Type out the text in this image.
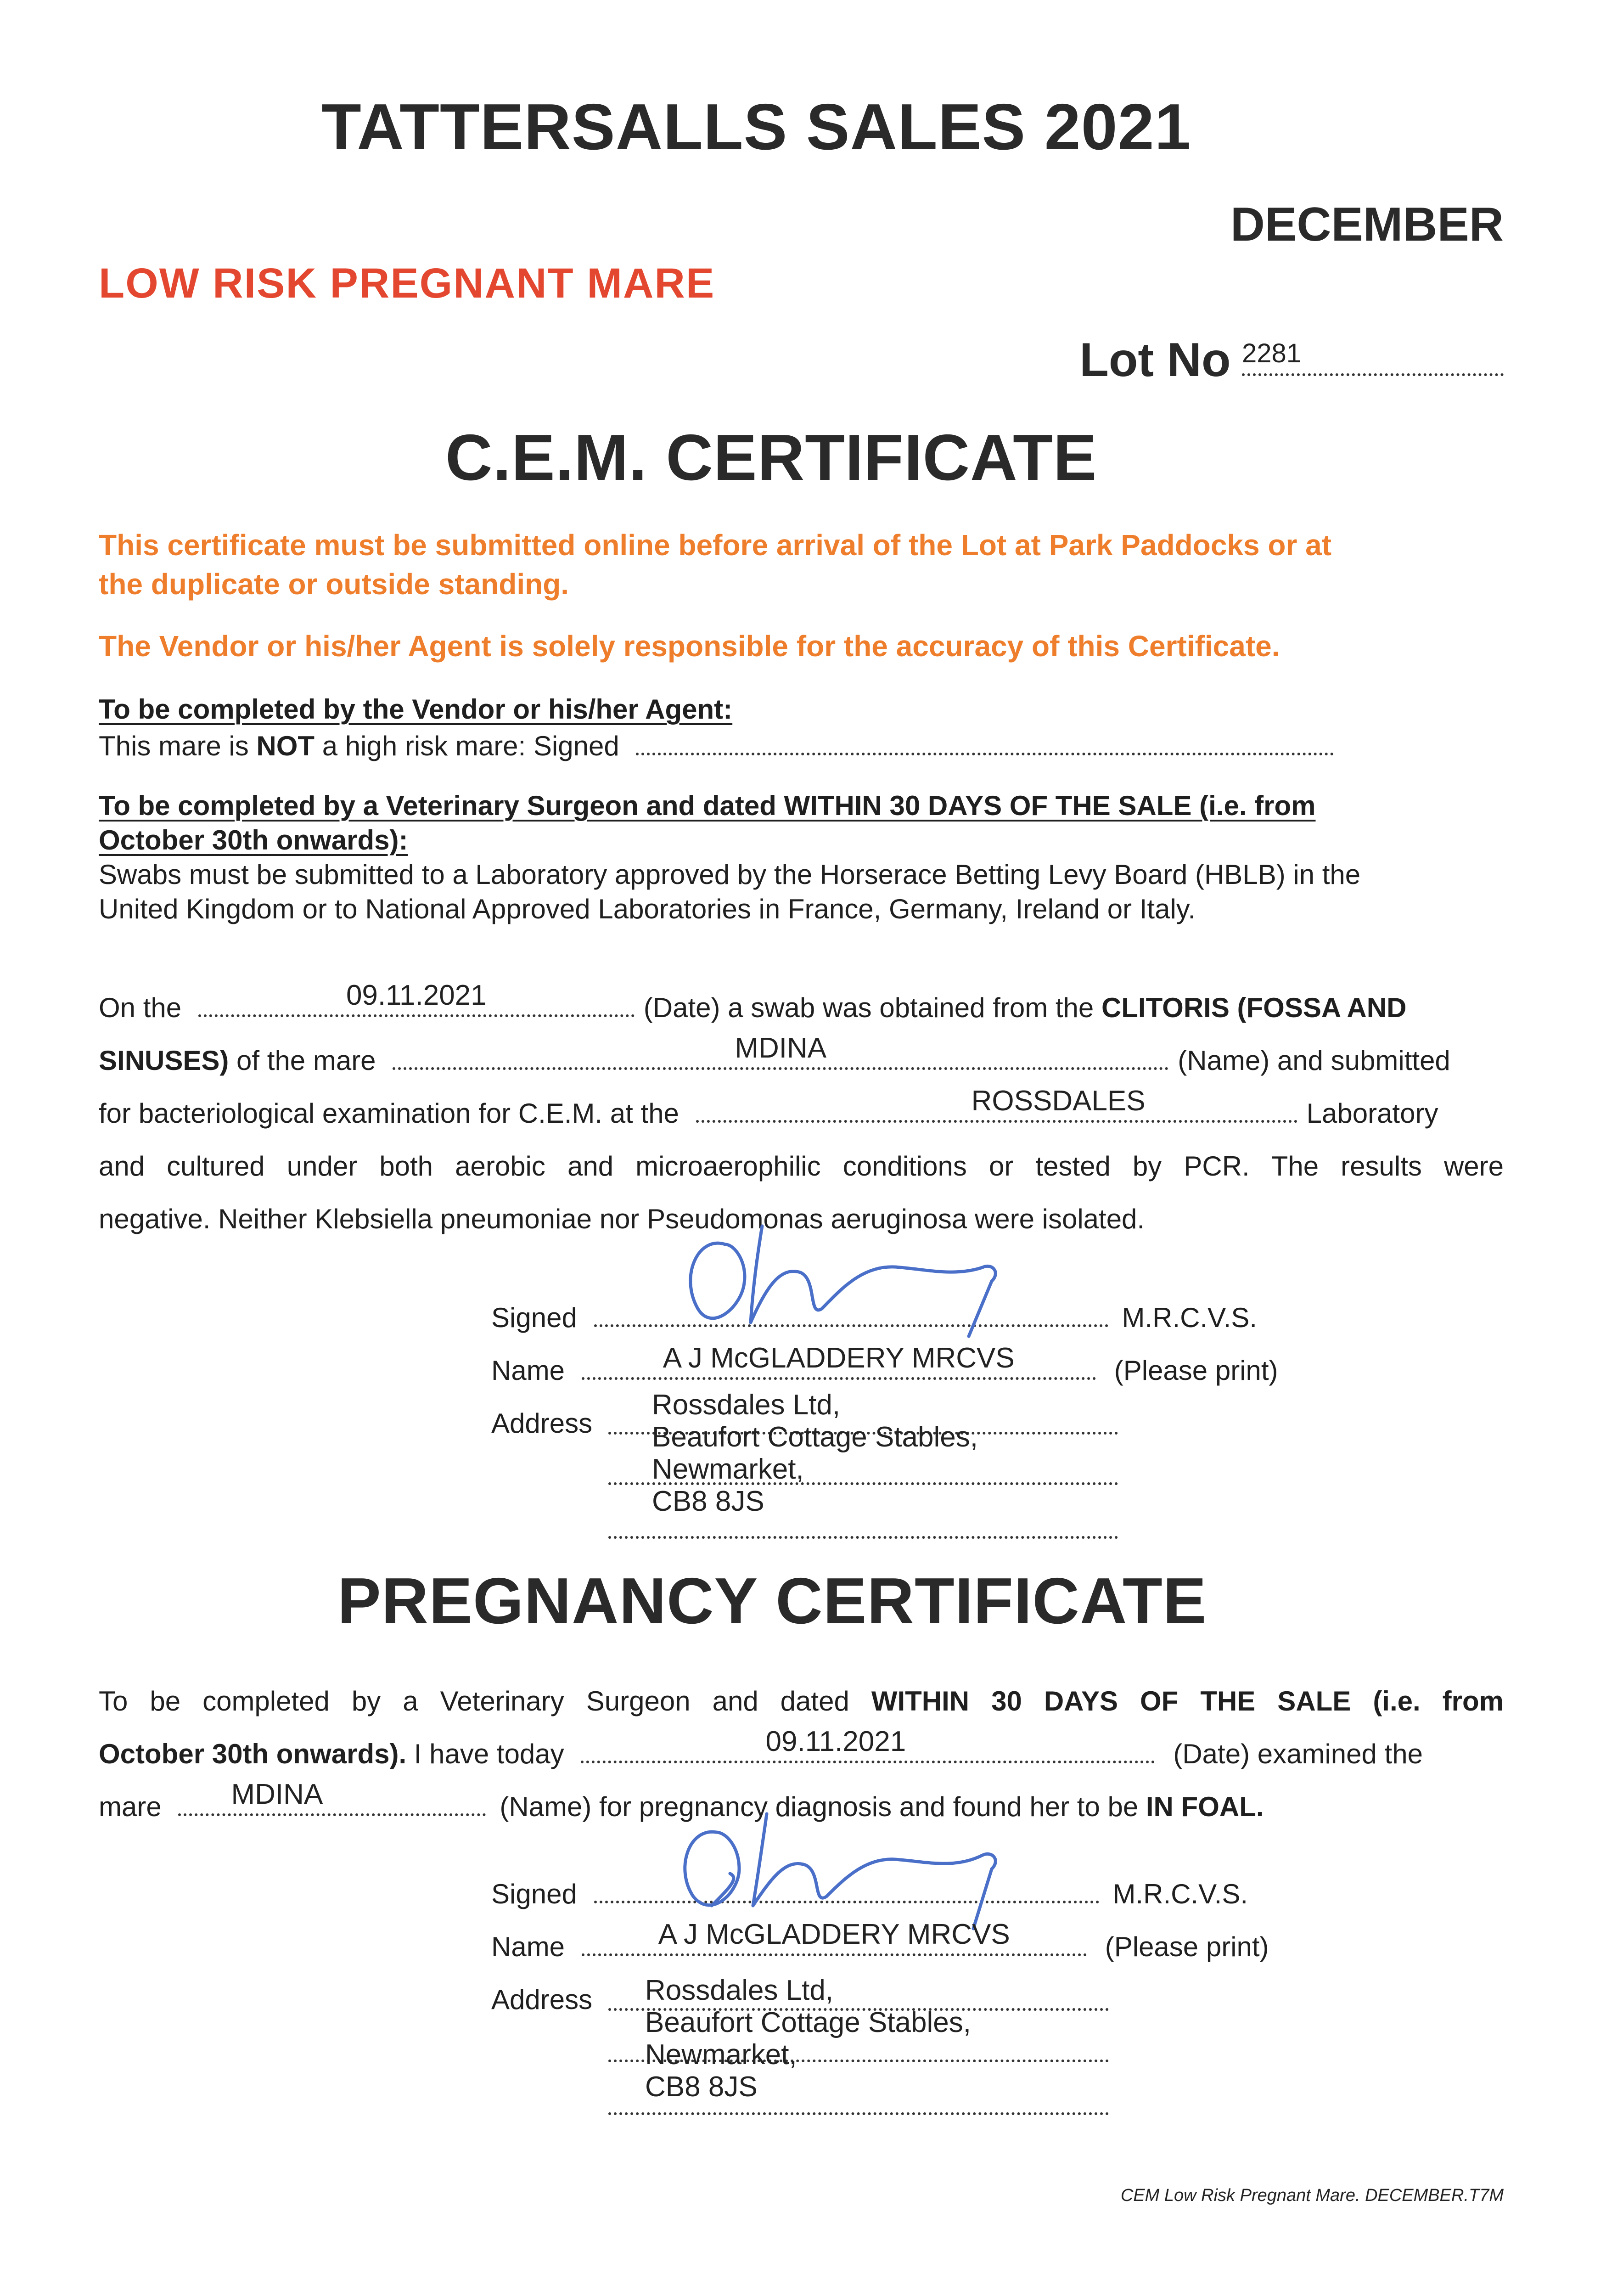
TATTERSALLS SALES 2021
DECEMBER
LOW RISK PREGNANT MARE
Lot No 2281
C.E.M. CERTIFICATE
This certificate must be submitted online before arrival of the Lot at Park Paddocks or at
the duplicate or outside standing.
The Vendor or his/her Agent is solely responsible for the accuracy of this Certificate.
To be completed by the Vendor or his/her Agent:
This mare is NOT a high risk mare: Signed
To be completed by a Veterinary Surgeon and dated WITHIN 30 DAYS OF THE SALE (i.e. from
October 30th onwards):
Swabs must be submitted to a Laboratory approved by the Horserace Betting Levy Board (HBLB) in the
United Kingdom or to National Approved Laboratories in France, Germany, Ireland or Italy.
On the	09.11.2021	(Date) a swab was obtained from the CLITORIS (FOSSA AND
SINUSES) of the mare	MDINA	(Name) and submitted
for bacteriological examination for C.E.M. at the	ROSSDALES	Laboratory
and cultured under both aerobic and microaerophilic conditions or tested by PCR. The results were
negative. Neither Klebsiella pneumoniae nor Pseudomonas aeruginosa were isolated.
Signed	M.R.C.V.S.
Name	A J McGLADDERY MRCVS	(Please print)
Address
Rossdales Ltd,
Beaufort Cottage Stables,
Newmarket,
CB8 8JS
PREGNANCY CERTIFICATE
To be completed by a Veterinary Surgeon and dated WITHIN 30 DAYS OF THE SALE (i.e. from
October 30th onwards). I have today	09.11.2021	(Date) examined the
mare	MDINA	(Name) for pregnancy diagnosis and found her to be IN FOAL.
Signed	M.R.C.V.S.
Name	A J McGLADDERY MRCVS	(Please print)
Address Rossdales Ltd,
Beaufort Cottage Stables,
Newmarket,
CB8 8JS
CEM Low Risk Pregnant Mare. DECEMBER.T7M
